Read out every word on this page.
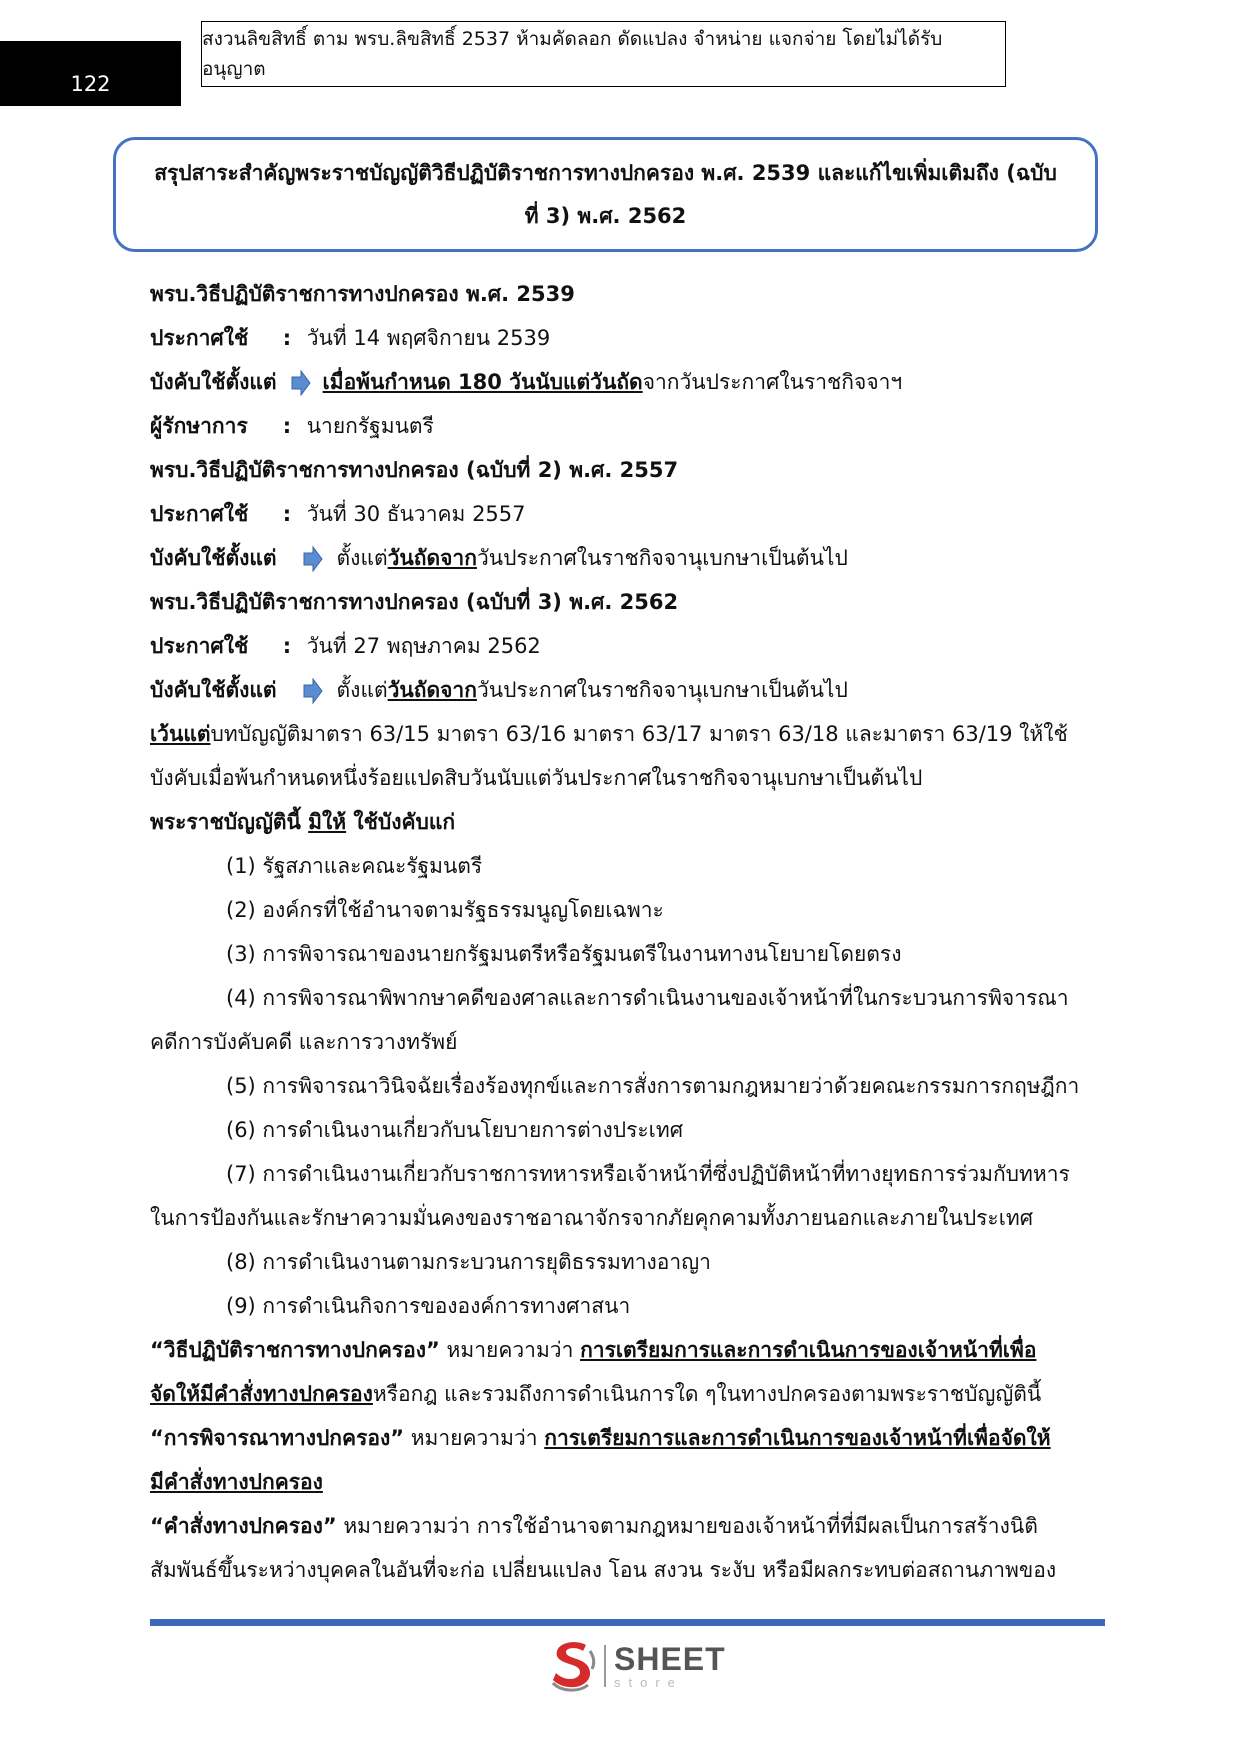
122
สงวนลิขสิทธิ์ ตาม พรบ.ลิขสิทธิ์ 2537 ห้ามคัดลอก ดัดแปลง จำหน่าย แจกจ่าย โดยไม่ได้รับอนุญาต
สรุปสาระสำคัญพระราชบัญญัติวิธีปฏิบัติราชการทางปกครอง พ.ศ. 2539 และแก้ไขเพิ่มเติมถึง (ฉบับ
ที่ 3) พ.ศ. 2562
พรบ.วิธีปฏิบัติราชการทางปกครอง พ.ศ. 2539
ประกาศใช้ : วันที่ 14 พฤศจิกายน 2539
บังคับใช้ตั้งแต่ เมื่อพ้นกำหนด 180 วันนับแต่วันถัดจากวันประกาศในราชกิจจาฯ
ผู้รักษาการ : นายกรัฐมนตรี
พรบ.วิธีปฏิบัติราชการทางปกครอง (ฉบับที่ 2) พ.ศ. 2557
ประกาศใช้ : วันที่ 30 ธันวาคม 2557
บังคับใช้ตั้งแต่	ตั้งแต่วันถัดจากวันประกาศในราชกิจจานุเบกษาเป็นต้นไป
พรบ.วิธีปฏิบัติราชการทางปกครอง (ฉบับที่ 3) พ.ศ. 2562
ประกาศใช้ : วันที่ 27 พฤษภาคม 2562
บังคับใช้ตั้งแต่	ตั้งแต่วันถัดจากวันประกาศในราชกิจจานุเบกษาเป็นต้นไป
เว้นแต่บทบัญญัติมาตรา 63/15 มาตรา 63/16 มาตรา 63/17 มาตรา 63/18 และมาตรา 63/19 ให้ใช้
บังคับเมื่อพ้นกำหนดหนึ่งร้อยแปดสิบวันนับแต่วันประกาศในราชกิจจานุเบกษาเป็นต้นไป
พระราชบัญญัตินี้ มิให้ ใช้บังคับแก่
(1) รัฐสภาและคณะรัฐมนตรี
(2) องค์กรที่ใช้อำนาจตามรัฐธรรมนูญโดยเฉพาะ
(3) การพิจารณาของนายกรัฐมนตรีหรือรัฐมนตรีในงานทางนโยบายโดยตรง
(4) การพิจารณาพิพากษาคดีของศาลและการดำเนินงานของเจ้าหน้าที่ในกระบวนการพิจารณา
คดีการบังคับคดี และการวางทรัพย์
(5) การพิจารณาวินิจฉัยเรื่องร้องทุกข์และการสั่งการตามกฎหมายว่าด้วยคณะกรรมการกฤษฎีกา
(6) การดำเนินงานเกี่ยวกับนโยบายการต่างประเทศ
(7) การดำเนินงานเกี่ยวกับราชการทหารหรือเจ้าหน้าที่ซึ่งปฏิบัติหน้าที่ทางยุทธการร่วมกับทหาร
ในการป้องกันและรักษาความมั่นคงของราชอาณาจักรจากภัยคุกคามทั้งภายนอกและภายในประเทศ
(8) การดำเนินงานตามกระบวนการยุติธรรมทางอาญา
(9) การดำเนินกิจการขององค์การทางศาสนา
“วิธีปฏิบัติราชการทางปกครอง” หมายความว่า การเตรียมการและการดำเนินการของเจ้าหน้าที่เพื่อ
จัดให้มีคำสั่งทางปกครองหรือกฎ และรวมถึงการดำเนินการใด ๆในทางปกครองตามพระราชบัญญัตินี้
“การพิจารณาทางปกครอง” หมายความว่า การเตรียมการและการดำเนินการของเจ้าหน้าที่เพื่อจัดให้
มีคำสั่งทางปกครอง
“คำสั่งทางปกครอง” หมายความว่า การใช้อำนาจตามกฎหมายของเจ้าหน้าที่ที่มีผลเป็นการสร้างนิติ
สัมพันธ์ขึ้นระหว่างบุคคลในอันที่จะก่อ เปลี่ยนแปลง โอน สงวน ระงับ หรือมีผลกระทบต่อสถานภาพของ
SHEET
store
